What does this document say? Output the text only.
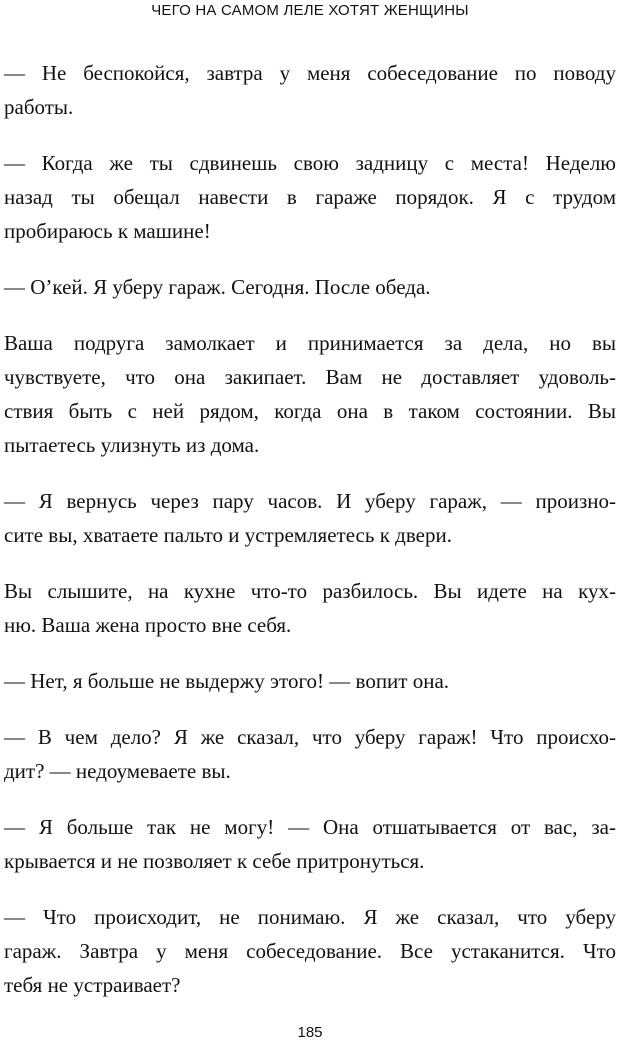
ЧЕГО НА САМОМ ЛЕЛЕ ХОТЯТ ЖЕНЩИНЫ

— Не беспокойся, завтра у меня собеседование по поводу
работы.

— Когда же ты сдвинешь свою задницу с места! Неделю
назад ты обещал навести в гараже порядок. Я с трудом
пробираюсь к машине!

— О’кей. Я уберу гараж. Сегодня. После обеда.

Ваша подруга замолкает и принимается за дела, но вы
чувствуете, что она закипает. Вам не доставляет удоволь-
ствия быть с ней рядом, когда она в таком состоянии. Вы
пытаетесь улизнуть из дома.

— Я вернусь через пару часов. И уберу гараж, — произно-
сите вы, хватаете пальто и устремляетесь к двери.

Вы слышите, на кухне что-то разбилось. Вы идете на кух-
ню. Ваша жена просто вне себя.

— Нет, я больше не выдержу этого! — вопит она.

— В чем дело? Я же сказал, что уберу гараж! Что происхо-
дит? — недоумеваете вы.

— Я больше так не могу! — Она отшатывается от вас, за-
крывается и не позволяет к себе притронуться.

— Что происходит, не понимаю. Я же сказал, что уберу
гараж. Завтра у меня собеседование. Все устаканится. Что
тебя не устраивает?

185
